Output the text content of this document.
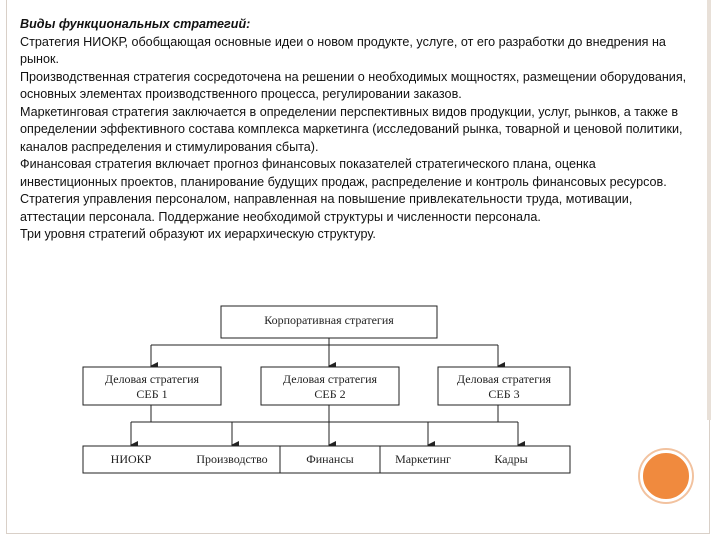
Виды функциональных стратегий:

Стратегия НИОКР, обобщающая основные идеи о новом продукте, услуге, от его разработки до внедрения на рынок.

Производственная стратегия сосредоточена на решении о необходимых мощностях, размещении оборудования, основных элементах производственного процесса, регулировании заказов.

Маркетинговая стратегия заключается в определении перспективных видов продукции, услуг, рынков, а также в определении эффективного состава комплекса маркетинга (исследований рынка, товарной и ценовой политики, каналов распределения и стимулирования сбыта).

Финансовая стратегия включает прогноз финансовых показателей стратегического плана, оценка инвестиционных проектов, планирование будущих продаж, распределение и контроль финансовых ресурсов.

Стратегия управления персоналом, направленная на повышение привлекательности труда, мотивации, аттестации персонала. Поддержание необходимой структуры и численности персонала.

Три уровня стратегий образуют их иерархическую структуру.

Корпоративная стратегия
Деловая стратегия
СЕБ 1
Деловая стратегия
СЕБ 2
Деловая стратегия
СЕБ 3
НИОКР	Производство	Финансы	Маркетинг	Кадры
